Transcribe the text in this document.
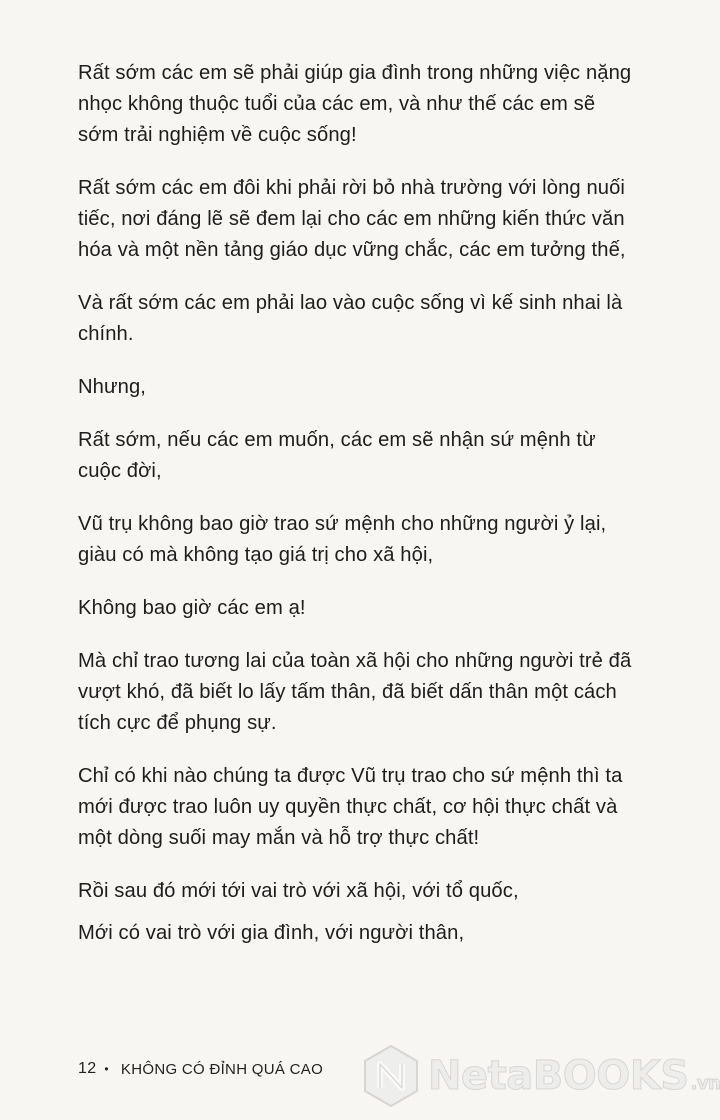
Rất sớm các em sẽ phải giúp gia đình trong những việc nặng nhọc không thuộc tuổi của các em, và như thế các em sẽ sớm trải nghiệm về cuộc sống!

Rất sớm các em đôi khi phải rời bỏ nhà trường với lòng nuối tiếc, nơi đáng lẽ sẽ đem lại cho các em những kiến thức văn hóa và một nền tảng giáo dục vững chắc, các em tưởng thế,

Và rất sớm các em phải lao vào cuộc sống vì kế sinh nhai là chính.

Nhưng,

Rất sớm, nếu các em muốn, các em sẽ nhận sứ mệnh từ cuộc đời,

Vũ trụ không bao giờ trao sứ mệnh cho những người ỷ lại, giàu có mà không tạo giá trị cho xã hội,

Không bao giờ các em ạ!

Mà chỉ trao tương lai của toàn xã hội cho những người trẻ đã vượt khó, đã biết lo lấy tấm thân, đã biết dấn thân một cách tích cực để phụng sự.

Chỉ có khi nào chúng ta được Vũ trụ trao cho sứ mệnh thì ta mới được trao luôn uy quyền thực chất, cơ hội thực chất và một dòng suối may mắn và hỗ trợ thực chất!

Rồi sau đó mới tới vai trò với xã hội, với tổ quốc,

Mới có vai trò với gia đình, với người thân,

12 • KHÔNG CÓ ĐỈNH QUÁ CAO	NetaBOOKS .vn
